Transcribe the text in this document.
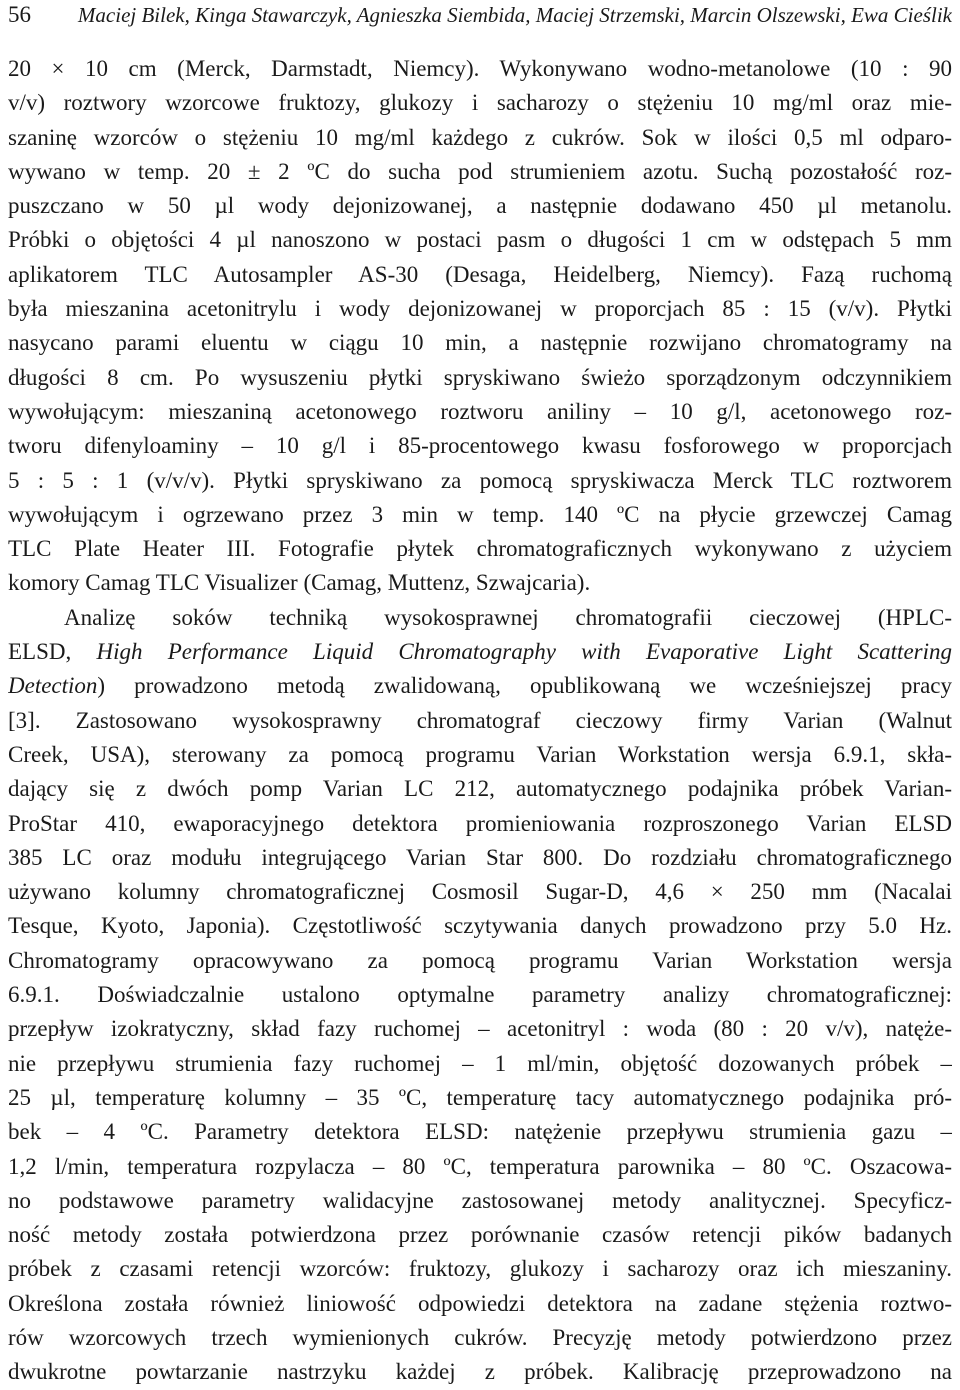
56	Maciej Bilek, Kinga Stawarczyk, Agnieszka Siembida, Maciej Strzemski, Marcin Olszewski, Ewa Cieślik
20 × 10 cm (Merck, Darmstadt, Niemcy). Wykonywano wodno-metanolowe (10 : 90
v/v) roztwory wzorcowe fruktozy, glukozy i sacharozy o stężeniu 10 mg/ml oraz mie-
szaninę wzorców o stężeniu 10 mg/ml każdego z cukrów. Sok w ilości 0,5 ml odparo-
wywano w temp. 20 ± 2 ºC do sucha pod strumieniem azotu. Suchą pozostałość roz-
puszczano w 50 µl wody dejonizowanej, a następnie dodawano 450 µl metanolu.
Próbki o objętości 4 µl nanoszono w postaci pasm o długości 1 cm w odstępach 5 mm
aplikatorem TLC Autosampler AS-30 (Desaga, Heidelberg, Niemcy). Fazą ruchomą
była mieszanina acetonitrylu i wody dejonizowanej w proporcjach 85 : 15 (v/v). Płytki
nasycano parami eluentu w ciągu 10 min, a następnie rozwijano chromatogramy na
długości 8 cm. Po wysuszeniu płytki spryskiwano świeżo sporządzonym odczynnikiem
wywołującym: mieszaniną acetonowego roztworu aniliny – 10 g/l, acetonowego roz-
tworu difenyloaminy – 10 g/l i 85-procentowego kwasu fosforowego w proporcjach
5 : 5 : 1 (v/v/v). Płytki spryskiwano za pomocą spryskiwacza Merck TLC roztworem
wywołującym i ogrzewano przez 3 min w temp. 140 ºC na płycie grzewczej Camag
TLC Plate Heater III. Fotografie płytek chromatograficznych wykonywano z użyciem
komory Camag TLC Visualizer (Camag, Muttenz, Szwajcaria).
Analizę soków techniką wysokosprawnej chromatografii cieczowej (HPLC-
ELSD, High Performance Liquid Chromatography with Evaporative Light Scattering
Detection) prowadzono metodą zwalidowaną, opublikowaną we wcześniejszej pracy
[3]. Zastosowano wysokosprawny chromatograf cieczowy firmy Varian (Walnut
Creek, USA), sterowany za pomocą programu Varian Workstation wersja 6.9.1, skła-
dający się z dwóch pomp Varian LC 212, automatycznego podajnika próbek Varian-
ProStar 410, ewaporacyjnego detektora promieniowania rozproszonego Varian ELSD
385 LC oraz modułu integrującego Varian Star 800. Do rozdziału chromatograficznego
używano kolumny chromatograficznej Cosmosil Sugar-D, 4,6 × 250 mm (Nacalai
Tesque, Kyoto, Japonia). Częstotliwość sczytywania danych prowadzono przy 5.0 Hz.
Chromatogramy opracowywano za pomocą programu Varian Workstation wersja
6.9.1. Doświadczalnie ustalono optymalne parametry analizy chromatograficznej:
przepływ izokratyczny, skład fazy ruchomej – acetonitryl : woda (80 : 20 v/v), natęże-
nie przepływu strumienia fazy ruchomej – 1 ml/min, objętość dozowanych próbek –
25 µl, temperaturę kolumny – 35 ºC, temperaturę tacy automatycznego podajnika pró-
bek – 4 ºC. Parametry detektora ELSD: natężenie przepływu strumienia gazu –
1,2 l/min, temperatura rozpylacza – 80 ºC, temperatura parownika – 80 ºC. Oszacowa-
no podstawowe parametry walidacyjne zastosowanej metody analitycznej. Specyficz-
ność metody została potwierdzona przez porównanie czasów retencji pików badanych
próbek z czasami retencji wzorców: fruktozy, glukozy i sacharozy oraz ich mieszaniny.
Określona została również liniowość odpowiedzi detektora na zadane stężenia roztwo-
rów wzorcowych trzech wymienionych cukrów. Precyzję metody potwierdzono przez
dwukrotne powtarzanie nastrzyku każdej z próbek. Kalibrację przeprowadzono na
